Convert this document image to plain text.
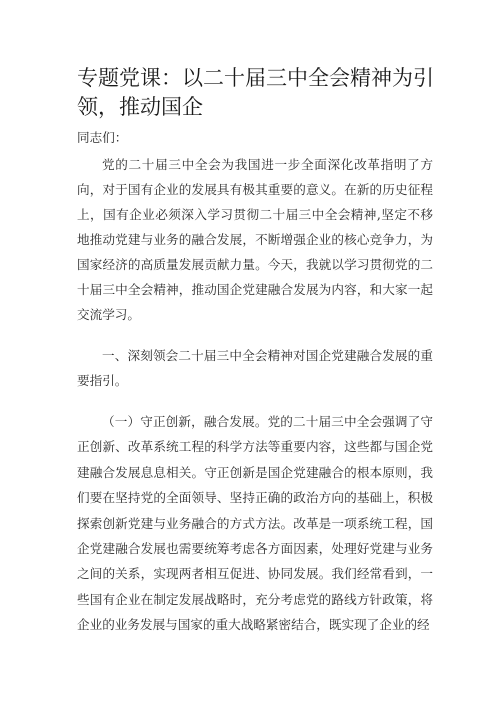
专题党课：以二十届三中全会精神为引领，推动国企

同志们：

党的二十届三中全会为我国进一步全面深化改革指明了方向，对于国有企业的发展具有极其重要的意义。在新的历史征程上，国有企业必须深入学习贯彻二十届三中全会精神,坚定不移地推动党建与业务的融合发展，不断增强企业的核心竞争力，为国家经济的高质量发展贡献力量。今天，我就以学习贯彻党的二十届三中全会精神，推动国企党建融合发展为内容，和大家一起交流学习。

一、深刻领会二十届三中全会精神对国企党建融合发展的重要指引。

（一）守正创新，融合发展。党的二十届三中全会强调了守正创新、改革系统工程的科学方法等重要内容，这些都与国企党建融合发展息息相关。守正创新是国企党建融合的根本原则，我们要在坚持党的全面领导、坚持正确的政治方向的基础上，积极探索创新党建与业务融合的方式方法。改革是一项系统工程，国企党建融合发展也需要统筹考虑各方面因素，处理好党建与业务之间的关系，实现两者相互促进、协同发展。我们经常看到，一些国有企业在制定发展战略时，充分考虑党的路线方针政策，将企业的业务发展与国家的重大战略紧密结合，既实现了企业的经
